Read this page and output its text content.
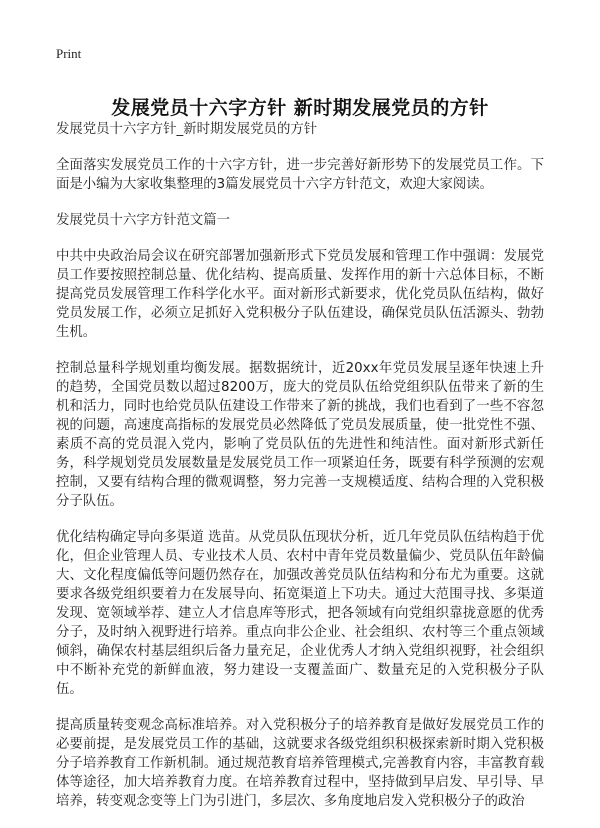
Print
发展党员十六字方针 新时期发展党员的方针

发展党员十六字方针_新时期发展党员的方针

全面落实发展党员工作的十六字方针，进一步完善好新形势下的发展党员工作。下面是小编为大家收集整理的3篇发展党员十六字方针范文，欢迎大家阅读。

发展党员十六字方针范文篇一

中共中央政治局会议在研究部署加强新形式下党员发展和管理工作中强调：发展党员工作要按照控制总量、优化结构、提高质量、发挥作用的新十六总体目标，不断提高党员发展管理工作科学化水平。面对新形式新要求，优化党员队伍结构，做好党员发展工作，必须立足抓好入党积极分子队伍建设，确保党员队伍活源头、勃勃生机。

控制总量科学规划重均衡发展。据数据统计，近20xx年党员发展呈逐年快速上升的趋势，全国党员数以超过8200万，庞大的党员队伍给党组织队伍带来了新的生机和活力，同时也给党员队伍建设工作带来了新的挑战，我们也看到了一些不容忽视的问题，高速度高指标的发展党员必然降低了党员发展质量，使一批党性不强、素质不高的党员混入党内，影响了党员队伍的先进性和纯洁性。面对新形式新任务，科学规划党员发展数量是发展党员工作一项紧迫任务，既要有科学预测的宏观控制，又要有结构合理的微观调整，努力完善一支规模适度、结构合理的入党积极分子队伍。

优化结构确定导向多渠道 选苗。从党员队伍现状分析，近几年党员队伍结构趋于优化，但企业管理人员、专业技术人员、农村中青年党员数量偏少、党员队伍年龄偏大、文化程度偏低等问题仍然存在，加强改善党员队伍结构和分布尤为重要。这就要求各级党组织要着力在发展导向、拓宽渠道上下功夫。通过大范围寻找、多渠道发现、宽领域举荐、建立人才信息库等形式，把各领域有向党组织靠拢意愿的优秀分子，及时纳入视野进行培养。重点向非公企业、社会组织、农村等三个重点领域倾斜，确保农村基层组织后备力量充足，企业优秀人才纳入党组织视野，社会组织中不断补充党的新鲜血液，努力建设一支覆盖面广、数量充足的入党积极分子队伍。

提高质量转变观念高标准培养。对入党积极分子的培养教育是做好发展党员工作的必要前提，是发展党员工作的基础，这就要求各级党组织积极探索新时期入党积极分子培养教育工作新机制。通过规范教育培养管理模式,完善教育内容，丰富教育载体等途径，加大培养教育力度。在培养教育过程中，坚持做到早启发、早引导、早培养，转变观念变等上门为引进门，多层次、多角度地启发入党积极分子的政治
